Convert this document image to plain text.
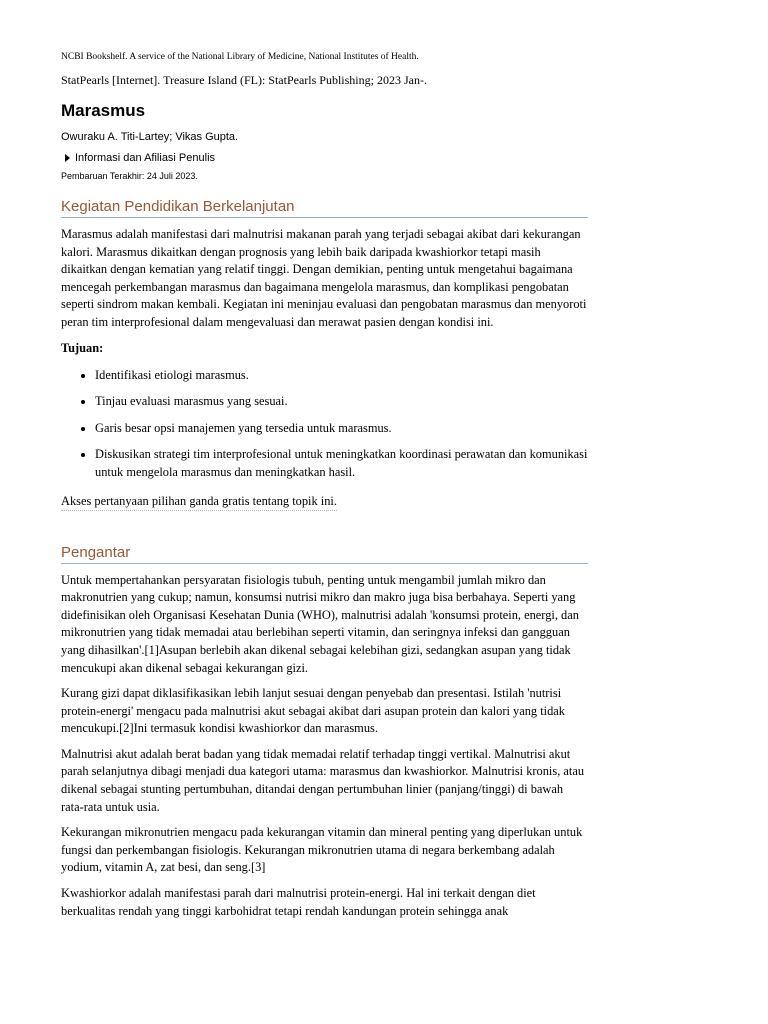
NCBI Bookshelf. A service of the National Library of Medicine, National Institutes of Health.
StatPearls [Internet]. Treasure Island (FL): StatPearls Publishing; 2023 Jan-.
Marasmus
Owuraku A. Titi-Lartey; Vikas Gupta.
Informasi dan Afiliasi Penulis
Pembaruan Terakhir: 24 Juli 2023.
Kegiatan Pendidikan Berkelanjutan

Marasmus adalah manifestasi dari malnutrisi makanan parah yang terjadi sebagai akibat dari kekurangan kalori. Marasmus dikaitkan dengan prognosis yang lebih baik daripada kwashiorkor tetapi masih dikaitkan dengan kematian yang relatif tinggi. Dengan demikian, penting untuk mengetahui bagaimana mencegah perkembangan marasmus dan bagaimana mengelola marasmus, dan komplikasi pengobatan seperti sindrom makan kembali. Kegiatan ini meninjau evaluasi dan pengobatan marasmus dan menyoroti peran tim interprofesional dalam mengevaluasi dan merawat pasien dengan kondisi ini.

Tujuan:

• Identifikasi etiologi marasmus.
• Tinjau evaluasi marasmus yang sesuai.
• Garis besar opsi manajemen yang tersedia untuk marasmus.
• Diskusikan strategi tim interprofesional untuk meningkatkan koordinasi perawatan dan komunikasi untuk mengelola marasmus dan meningkatkan hasil.
Akses pertanyaan pilihan ganda gratis tentang topik ini.
Pengantar

Untuk mempertahankan persyaratan fisiologis tubuh, penting untuk mengambil jumlah mikro dan makronutrien yang cukup; namun, konsumsi nutrisi mikro dan makro juga bisa berbahaya. Seperti yang didefinisikan oleh Organisasi Kesehatan Dunia (WHO), malnutrisi adalah 'konsumsi protein, energi, dan mikronutrien yang tidak memadai atau berlebihan seperti vitamin, dan seringnya infeksi dan gangguan yang dihasilkan'.[1]Asupan berlebih akan dikenal sebagai kelebihan gizi, sedangkan asupan yang tidak mencukupi akan dikenal sebagai kekurangan gizi.

Kurang gizi dapat diklasifikasikan lebih lanjut sesuai dengan penyebab dan presentasi. Istilah 'nutrisi protein-energi' mengacu pada malnutrisi akut sebagai akibat dari asupan protein dan kalori yang tidak mencukupi.[2]Ini termasuk kondisi kwashiorkor dan marasmus.

Malnutrisi akut adalah berat badan yang tidak memadai relatif terhadap tinggi vertikal. Malnutrisi akut parah selanjutnya dibagi menjadi dua kategori utama: marasmus dan kwashiorkor. Malnutrisi kronis, atau dikenal sebagai stunting pertumbuhan, ditandai dengan pertumbuhan linier (panjang/tinggi) di bawah rata-rata untuk usia.

Kekurangan mikronutrien mengacu pada kekurangan vitamin dan mineral penting yang diperlukan untuk fungsi dan perkembangan fisiologis. Kekurangan mikronutrien utama di negara berkembang adalah yodium, vitamin A, zat besi, dan seng.[3]

Kwashiorkor adalah manifestasi parah dari malnutrisi protein-energi. Hal ini terkait dengan diet berkualitas rendah yang tinggi karbohidrat tetapi rendah kandungan protein sehingga anak
